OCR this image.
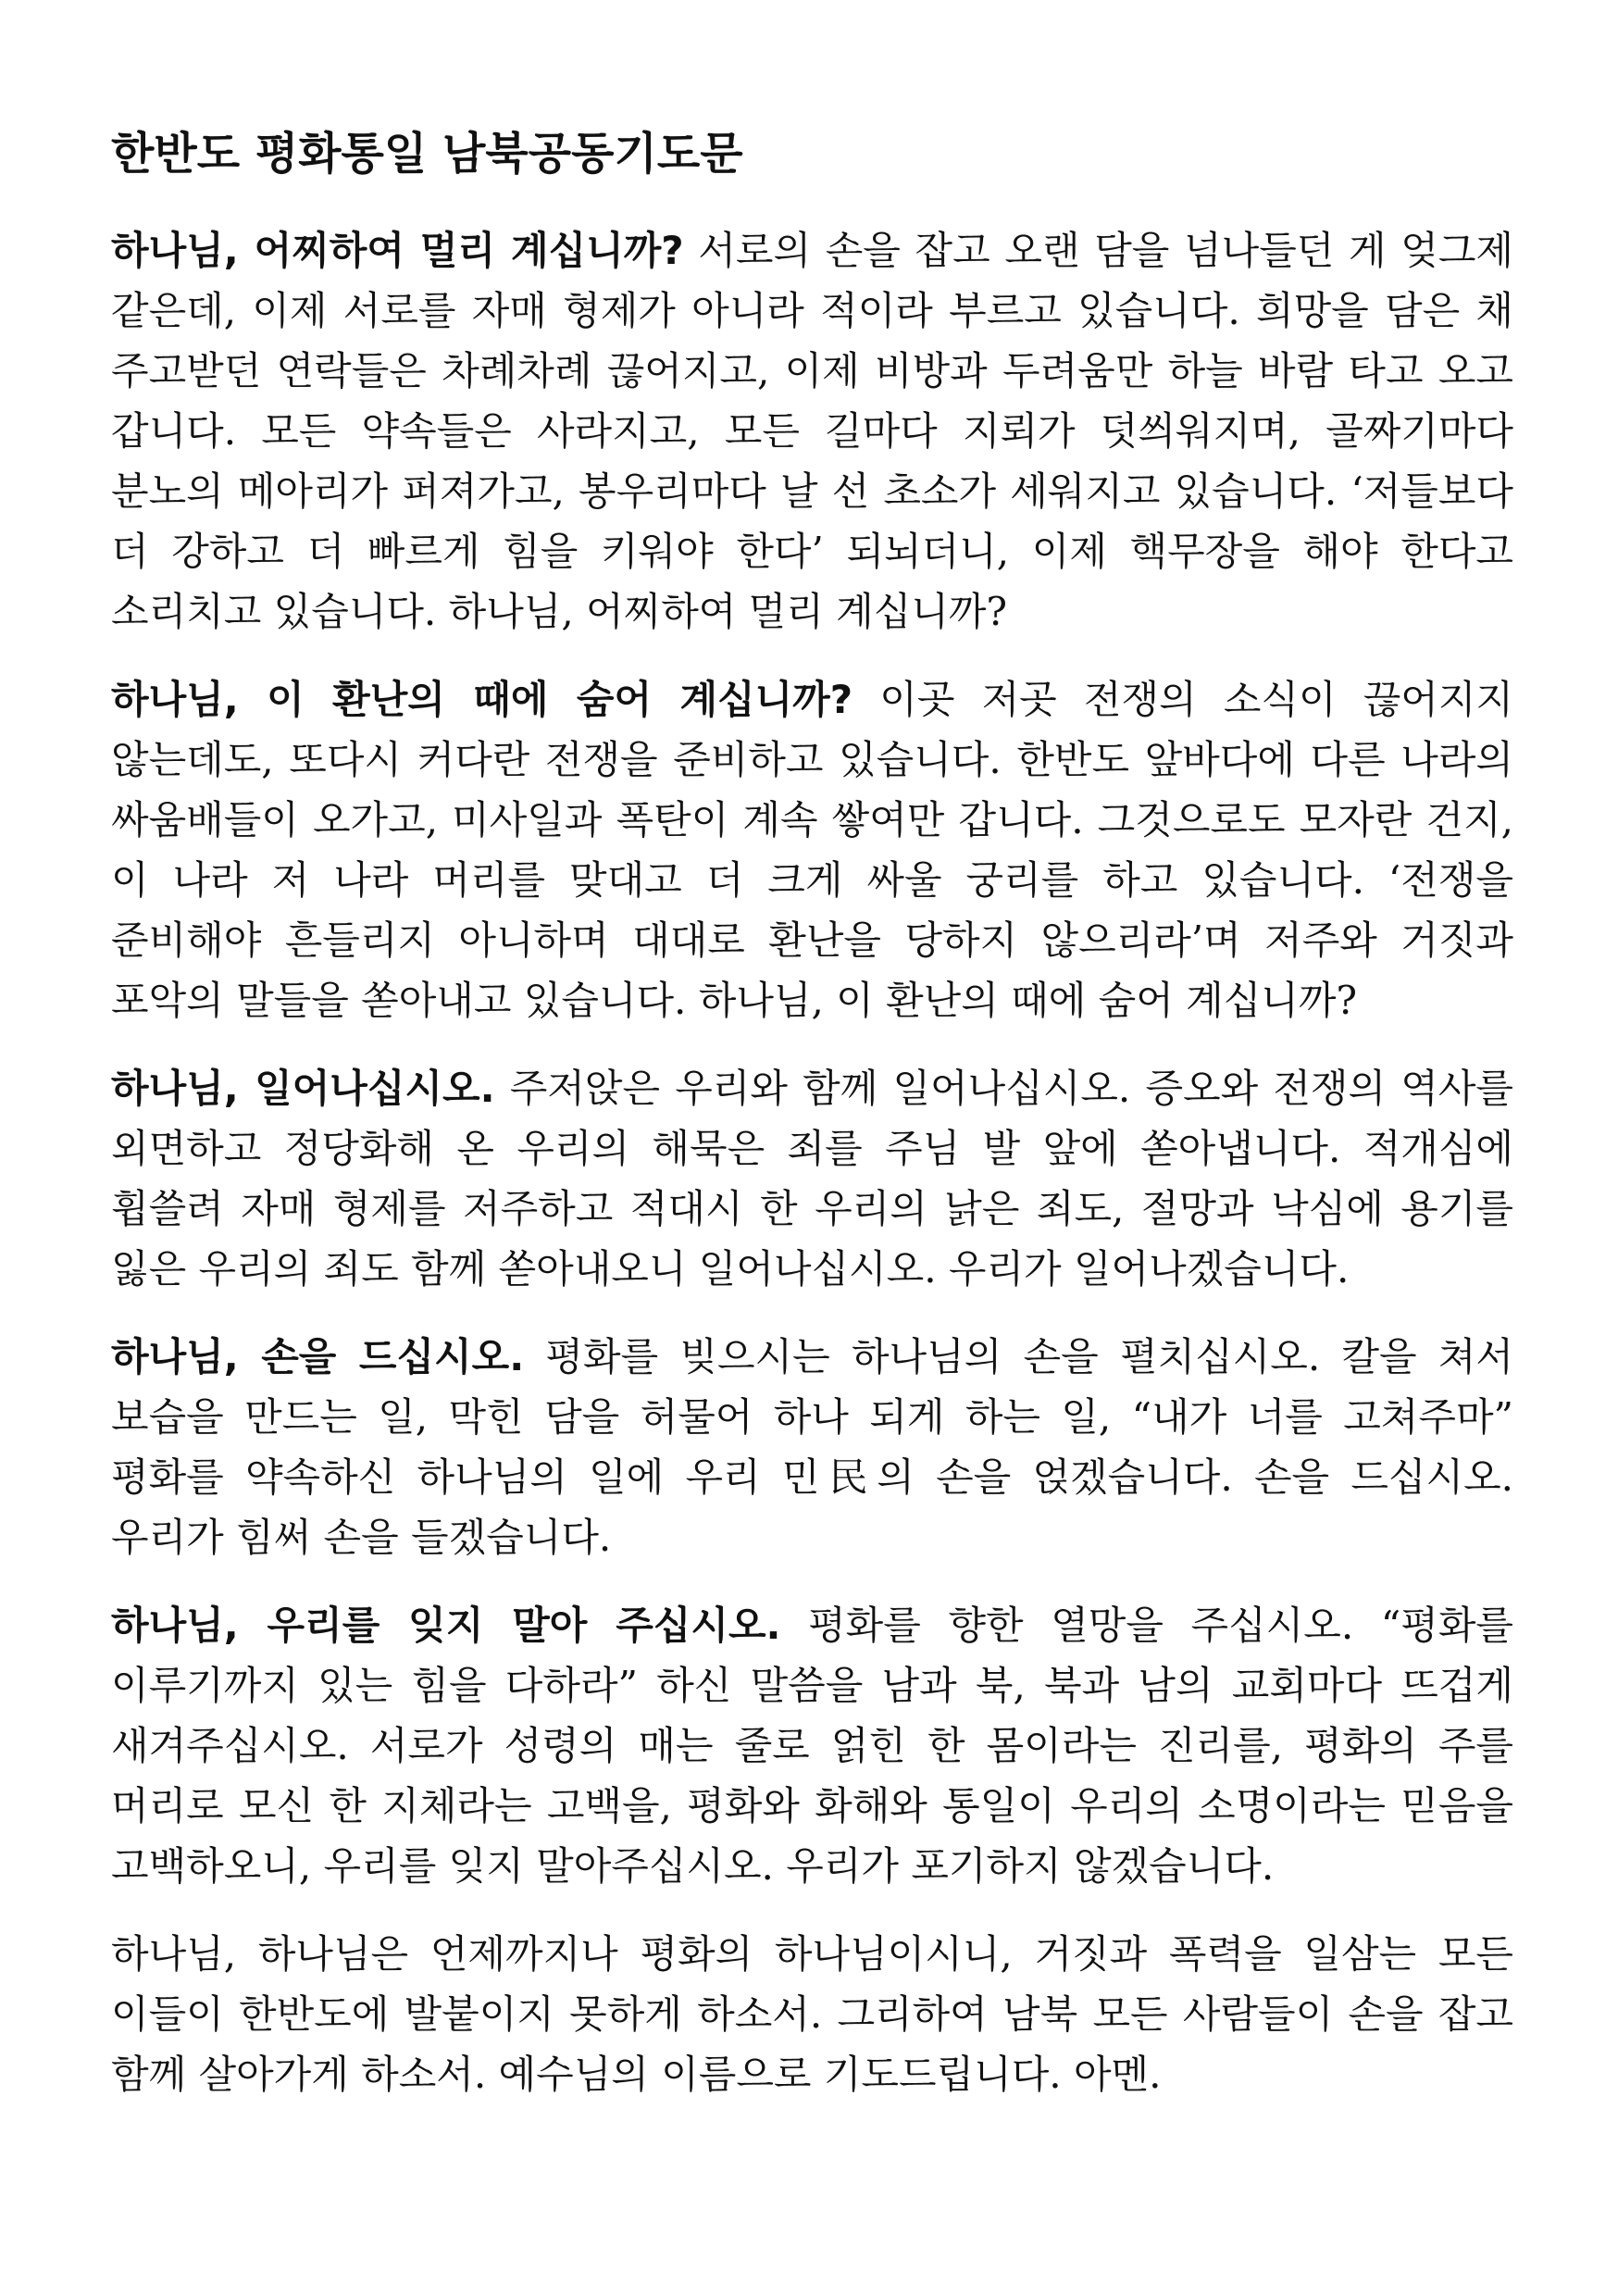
한반도 평화통일 남북공동기도문

하나님, 어찌하여 멀리 계십니까? 서로의 손을 잡고 오랜 담을 넘나들던 게 엊그제 같은데, 이제 서로를 자매 형제가 아니라 적이라 부르고 있습니다. 희망을 담은 채 주고받던 연락들은 차례차례 끊어지고, 이제 비방과 두려움만 하늘 바람 타고 오고 갑니다. 모든 약속들은 사라지고, 모든 길마다 지뢰가 덧씌워지며, 골짜기마다 분노의 메아리가 퍼져가고, 봉우리마다 날 선 초소가 세워지고 있습니다. ‘저들보다 더 강하고 더 빠르게 힘을 키워야 한다’ 되뇌더니, 이제 핵무장을 해야 한다고 소리치고 있습니다. 하나님, 어찌하여 멀리 계십니까?

하나님, 이 환난의 때에 숨어 계십니까? 이곳 저곳 전쟁의 소식이 끊어지지 않는데도, 또다시 커다란 전쟁을 준비하고 있습니다. 한반도 앞바다에 다른 나라의 싸움배들이 오가고, 미사일과 폭탄이 계속 쌓여만 갑니다. 그것으로도 모자란 건지, 이 나라 저 나라 머리를 맞대고 더 크게 싸울 궁리를 하고 있습니다. ‘전쟁을 준비해야 흔들리지 아니하며 대대로 환난을 당하지 않으리라’며 저주와 거짓과 포악의 말들을 쏟아내고 있습니다. 하나님, 이 환난의 때에 숨어 계십니까?

하나님, 일어나십시오. 주저앉은 우리와 함께 일어나십시오. 증오와 전쟁의 역사를 외면하고 정당화해 온 우리의 해묵은 죄를 주님 발 앞에 쏟아냅니다. 적개심에 휩쓸려 자매 형제를 저주하고 적대시 한 우리의 낡은 죄도, 절망과 낙심에 용기를 잃은 우리의 죄도 함께 쏟아내오니 일어나십시오. 우리가 일어나겠습니다.

하나님, 손을 드십시오. 평화를 빚으시는 하나님의 손을 펼치십시오. 칼을 쳐서 보습을 만드는 일, 막힌 담을 허물어 하나 되게 하는 일, “내가 너를 고쳐주마” 평화를 약속하신 하나님의 일에 우리 민民의 손을 얹겠습니다. 손을 드십시오. 우리가 힘써 손을 들겠습니다.

하나님, 우리를 잊지 말아 주십시오. 평화를 향한 열망을 주십시오. “평화를 이루기까지 있는 힘을 다하라” 하신 말씀을 남과 북, 북과 남의 교회마다 뜨겁게 새겨주십시오. 서로가 성령의 매는 줄로 얽힌 한 몸이라는 진리를, 평화의 주를 머리로 모신 한 지체라는 고백을, 평화와 화해와 통일이 우리의 소명이라는 믿음을 고백하오니, 우리를 잊지 말아주십시오. 우리가 포기하지 않겠습니다.

하나님, 하나님은 언제까지나 평화의 하나님이시니, 거짓과 폭력을 일삼는 모든 이들이 한반도에 발붙이지 못하게 하소서. 그리하여 남북 모든 사람들이 손을 잡고 함께 살아가게 하소서. 예수님의 이름으로 기도드립니다. 아멘.
